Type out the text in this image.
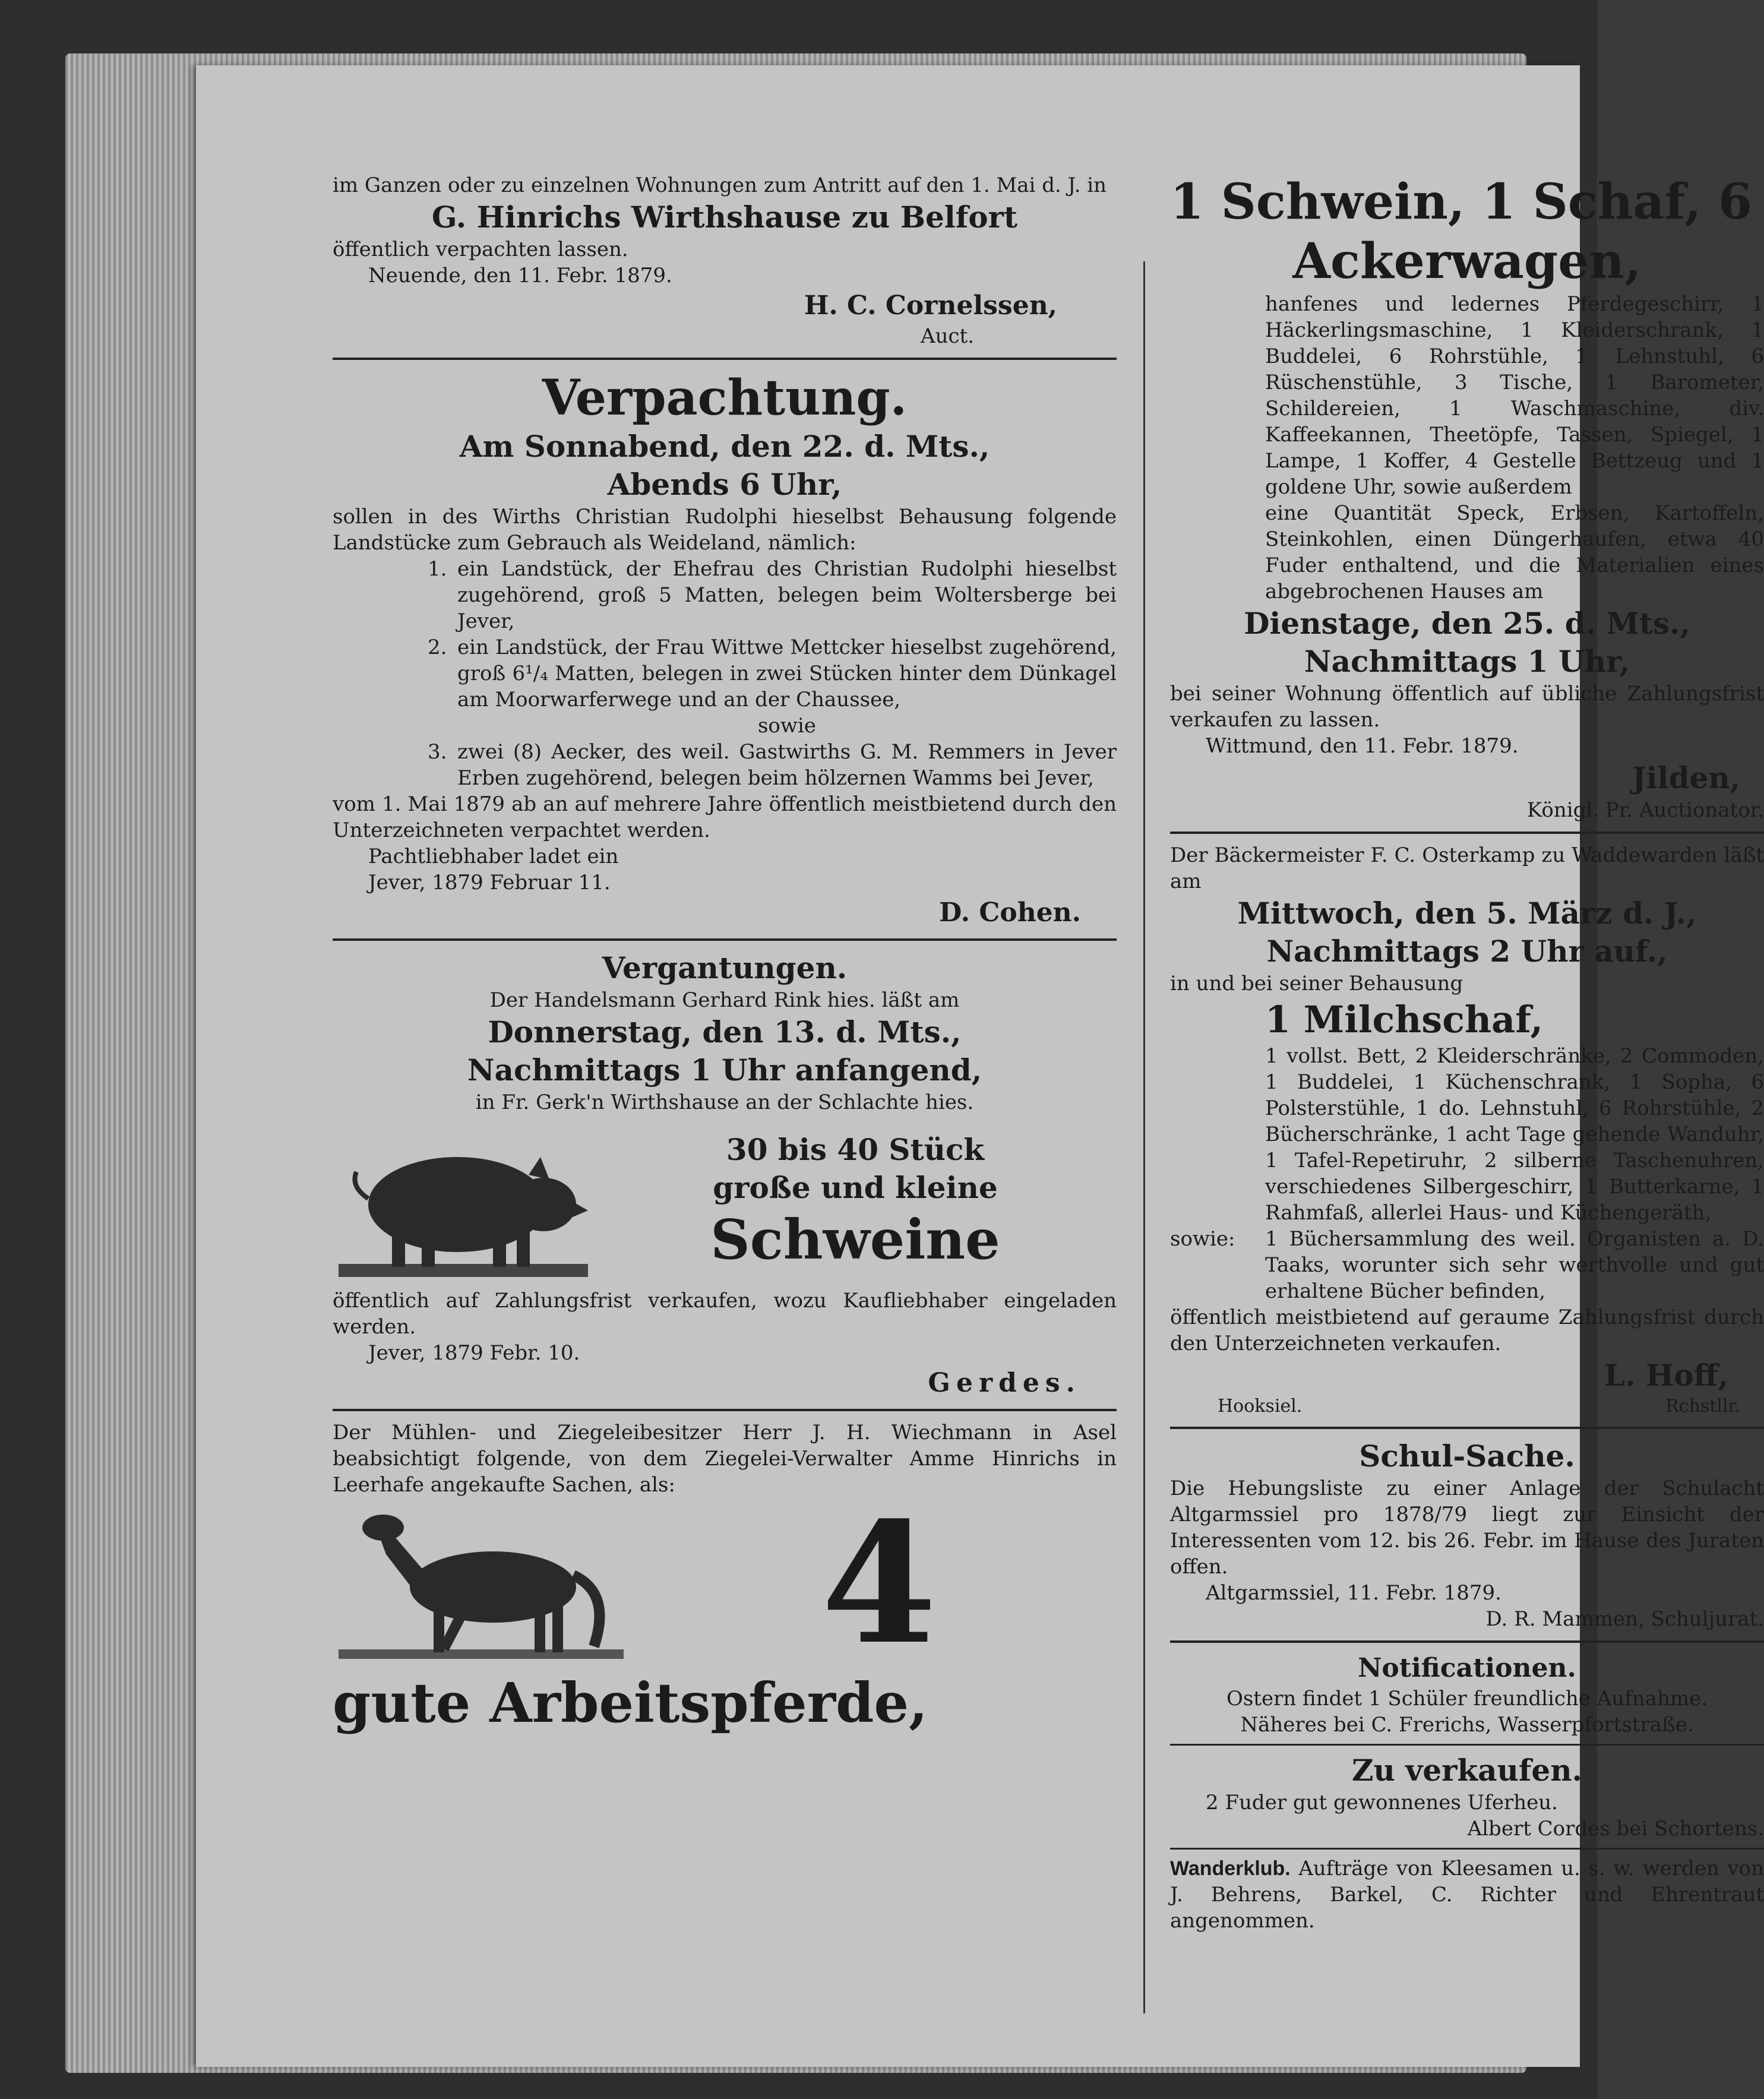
im Ganzen oder zu einzelnen Wohnungen zum Antritt auf den 1. Mai d. J. in

G. Hinrichs Wirthshause zu Belfort

öffentlich verpachten lassen.

Neuende, den 11. Febr. 1879.

H. C. Cornelssen,

Auct.

Verpachtung.

Am Sonnabend, den 22. d. Mts.,

Abends 6 Uhr,

sollen in des Wirths Christian Rudolphi hieselbst Behausung folgende Landstücke zum Gebrauch als Weideland, nämlich:

1. ein Landstück, der Ehefrau des Christian Rudolphi hieselbst zugehörend, groß 5 Matten, belegen beim Woltersberge bei Jever,

2. ein Landstück, der Frau Wittwe Mettcker hieselbst zugehörend, groß 6¹/₄ Matten, belegen in zwei Stücken hinter dem Dünkagel am Moorwarferwege und an der Chaussee,

sowie

3. zwei (8) Aecker, des weil. Gastwirths G. M. Remmers in Jever Erben zugehörend, belegen beim hölzernen Wamms bei Jever,

vom 1. Mai 1879 ab an auf mehrere Jahre öffentlich meistbietend durch den Unterzeichneten verpachtet werden.

Pachtliebhaber ladet ein

Jever, 1879 Februar 11.

D. Cohen.

Vergantungen.

Der Handelsmann Gerhard Rink hies. läßt am

Donnerstag, den 13. d. Mts.,

Nachmittags 1 Uhr anfangend,

in Fr. Gerk'n Wirthshause an der Schlachte hies.

30 bis 40 Stück

große und kleine

Schweine

öffentlich auf Zahlungsfrist verkaufen, wozu Kaufliebhaber eingeladen werden.

Jever, 1879 Febr. 10.

Gerdes.

Der Mühlen- und Ziegeleibesitzer Herr J. H. Wiechmann in Asel beabsichtigt folgende, von dem Ziegelei-Verwalter Amme Hinrichs in Leerhafe angekaufte Sachen, als:

4

gute Arbeitspferde,

1 Schwein, 1 Schaf, 6

Ackerwagen,

hanfenes und ledernes Pferdegeschirr, 1 Häckerlingsmaschine, 1 Kleiderschrank, 1 Buddelei, 6 Rohrstühle, 1 Lehnstuhl, 6 Rüschenstühle, 3 Tische, 1 Barometer, Schildereien, 1 Waschmaschine, div. Kaffeekannen, Theetöpfe, Tassen, Spiegel, 1 Lampe, 1 Koffer, 4 Gestelle Bettzeug und 1 goldene Uhr, sowie außerdem

eine Quantität Speck, Erbsen, Kartoffeln, Steinkohlen, einen Düngerhaufen, etwa 40 Fuder enthaltend, und die Materialien eines abgebrochenen Hauses am

Dienstage, den 25. d. Mts.,

Nachmittags 1 Uhr,

bei seiner Wohnung öffentlich auf übliche Zahlungsfrist verkaufen zu lassen.

Wittmund, den 11. Febr. 1879.

Jilden,

Königl. Pr. Auctionator.

Der Bäckermeister F. C. Osterkamp zu Waddewarden läßt am

Mittwoch, den 5. März d. J.,

Nachmittags 2 Uhr auf.,

in und bei seiner Behausung

1 Milchschaf,

1 vollst. Bett, 2 Kleiderschränke, 2 Commoden, 1 Buddelei, 1 Küchenschrank, 1 Sopha, 6 Polsterstühle, 1 do. Lehnstuhl, 6 Rohrstühle, 2 Bücherschränke, 1 acht Tage gehende Wanduhr, 1 Tafel-Repetiruhr, 2 silberne Taschenuhren, verschiedenes Silbergeschirr, 1 Butterkarne, 1 Rahmfaß, allerlei Haus- und Küchengeräth,

sowie:	1 Büchersammlung des weil. Organisten a. D. Taaks, worunter sich sehr werthvolle und gut erhaltene Bücher befinden,

öffentlich meistbietend auf geraume Zahlungsfrist durch den Unterzeichneten verkaufen.

L. Hoff,

Hooksiel.	Rchstllr.

Schul-Sache.

Die Hebungsliste zu einer Anlage der Schulacht Altgarmssiel pro 1878/79 liegt zur Einsicht der Interessenten vom 12. bis 26. Febr. im Hause des Juraten offen.

Altgarmssiel, 11. Febr. 1879.

D. R. Mammen, Schuljurat.

Notificationen.

Ostern findet 1 Schüler freundliche Aufnahme.

Näheres bei C. Frerichs, Wasserpfortstraße.

Zu verkaufen.

2 Fuder gut gewonnenes Uferheu.

Albert Cordes bei Schortens.

Wanderklub. Aufträge von Kleesamen u. s. w. werden von J. Behrens, Barkel, C. Richter und Ehrentraut angenommen.
